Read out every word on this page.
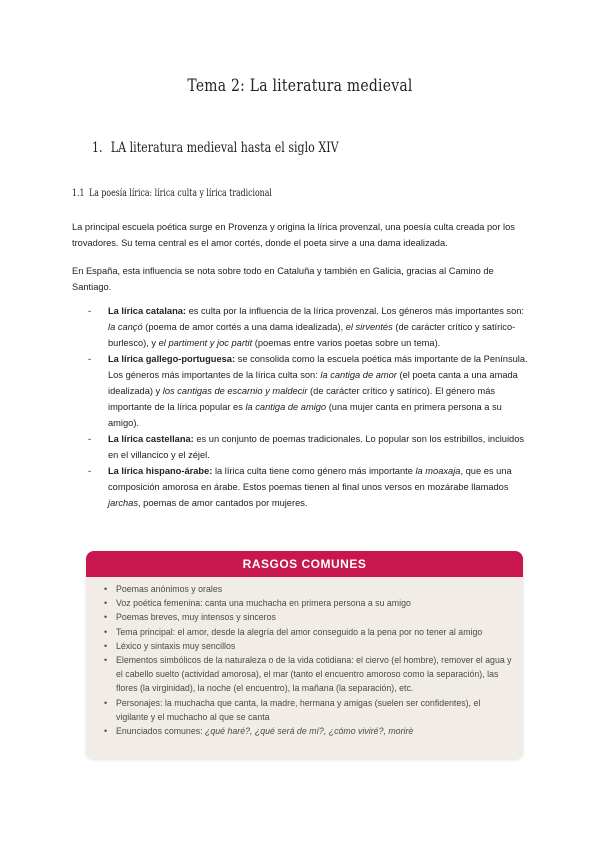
Tema 2: La literatura medieval
1. LA literatura medieval hasta el siglo XIV
1.1 La poesía lírica: lírica culta y lírica tradicional
La principal escuela poética surge en Provenza y origina la lírica provenzal, una poesía culta creada por los trovadores. Su tema central es el amor cortés, donde el poeta sirve a una dama idealizada.
En España, esta influencia se nota sobre todo en Cataluña y también en Galicia, gracias al Camino de Santiago.
- La lírica catalana: es culta por la influencia de la lírica provenzal. Los géneros más importantes son: la cançó (poema de amor cortés a una dama idealizada), el sirventés (de carácter crítico y satírico-burlesco), y el partiment y joc partit (poemas entre varios poetas sobre un tema).
- La lírica gallego-portuguesa: se consolida como la escuela poética más importante de la Península. Los géneros más importantes de la lírica culta son: la cantiga de amor (el poeta canta a una amada idealizada) y los cantigas de escarnio y maldecir (de carácter crítico y satírico). El género más importante de la lírica popular es la cantiga de amigo (una mujer canta en primera persona a su amigo).
- La lírica castellana: es un conjunto de poemas tradicionales. Lo popular son los estribillos, incluidos en el villancico y el zéjel.
- La lírica hispano-árabe: la lírica culta tiene como género más importante la moaxaja, que es una composición amorosa en árabe. Estos poemas tienen al final unos versos en mozárabe llamados jarchas, poemas de amor cantados por mujeres.
RASGOS COMUNES
• Poemas anónimos y orales
• Voz poética femenina: canta una muchacha en primera persona a su amigo
• Poemas breves, muy intensos y sinceros
• Tema principal: el amor, desde la alegría del amor conseguido a la pena por no tener al amigo
• Léxico y sintaxis muy sencillos
• Elementos simbólicos de la naturaleza o de la vida cotidiana: el ciervo (el hombre), remover el agua y el cabello suelto (actividad amorosa), el mar (tanto el encuentro amoroso como la separación), las flores (la virginidad), la noche (el encuentro), la mañana (la separación), etc.
• Personajes: la muchacha que canta, la madre, hermana y amigas (suelen ser confidentes), el vigilante y el muchacho al que se canta
• Enunciados comunes: ¿qué haré?, ¿qué será de mí?, ¿cómo viviré?, morirè
